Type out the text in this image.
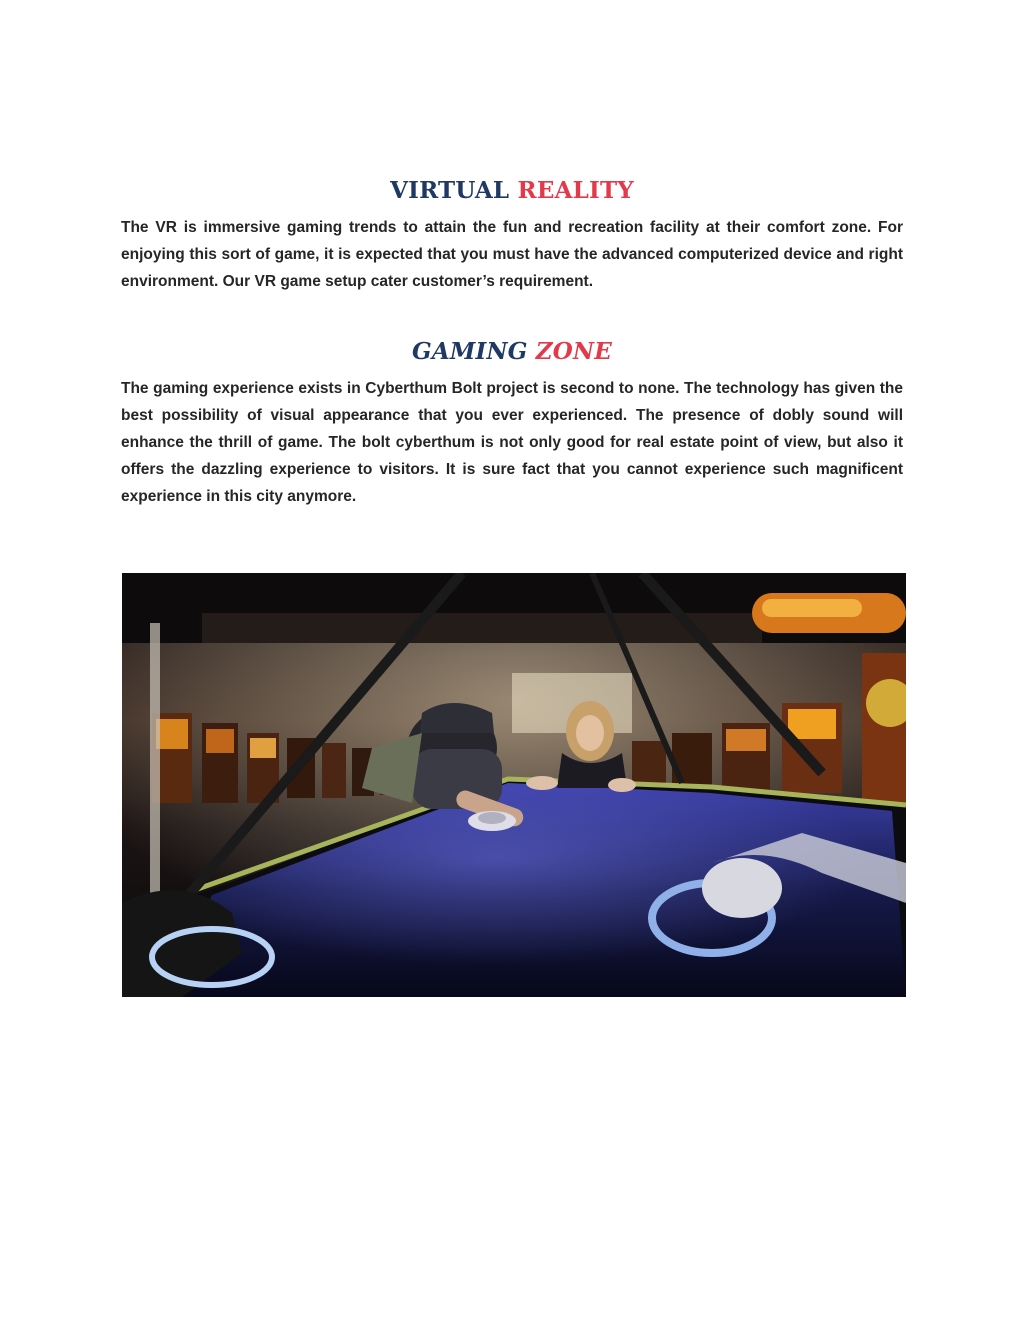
VIRTUAL REALITY

The VR is immersive gaming trends to attain the fun and recreation facility at their comfort zone. For enjoying this sort of game, it is expected that you must have the advanced computerized device and right environment. Our VR game setup cater customer’s requirement.

GAMING ZONE

The gaming experience exists in Cyberthum Bolt project is second to none. The technology has given the best possibility of visual appearance that you ever experienced. The presence of dobly sound will enhance the thrill of game. The bolt cyberthum is not only good for real estate point of view, but also it offers the dazzling experience to visitors. It is sure fact that you cannot experience such magnificent experience in this city anymore.
